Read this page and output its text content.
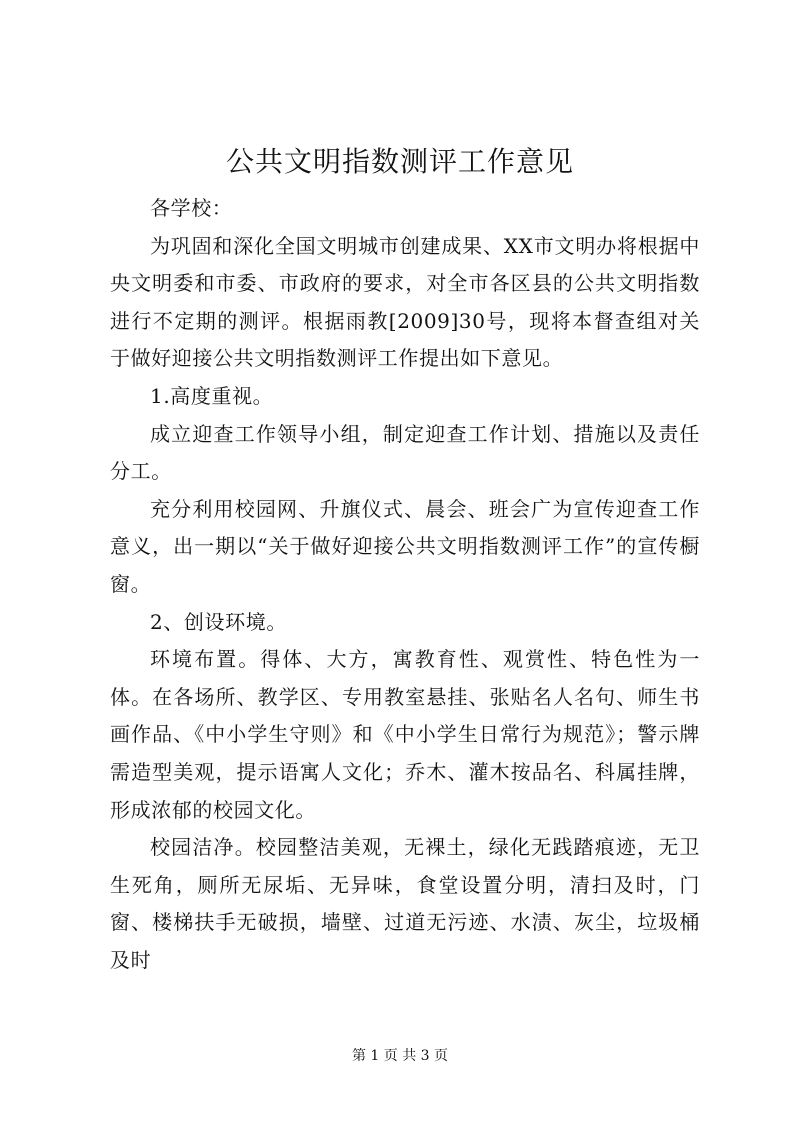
公共文明指数测评工作意见

各学校：

为巩固和深化全国文明城市创建成果、XX市文明办将根据中央文明委和市委、市政府的要求，对全市各区县的公共文明指数进行不定期的测评。根据雨教[2009]30号，现将本督查组对关于做好迎接公共文明指数测评工作提出如下意见。

1.高度重视。

成立迎查工作领导小组，制定迎查工作计划、措施以及责任分工。

充分利用校园网、升旗仪式、晨会、班会广为宣传迎查工作意义，出一期以“关于做好迎接公共文明指数测评工作”的宣传橱窗。

2、创设环境。

环境布置。得体、大方，寓教育性、观赏性、特色性为一体。在各场所、教学区、专用教室悬挂、张贴名人名句、师生书画作品、《中小学生守则》和《中小学生日常行为规范》；警示牌需造型美观，提示语寓人文化；乔木、灌木按品名、科属挂牌，形成浓郁的校园文化。

校园洁净。校园整洁美观，无裸土，绿化无践踏痕迹，无卫生死角，厕所无尿垢、无异味，食堂设置分明，清扫及时，门窗、楼梯扶手无破损，墙壁、过道无污迹、水渍、灰尘，垃圾桶及时

第 1 页 共 3 页
